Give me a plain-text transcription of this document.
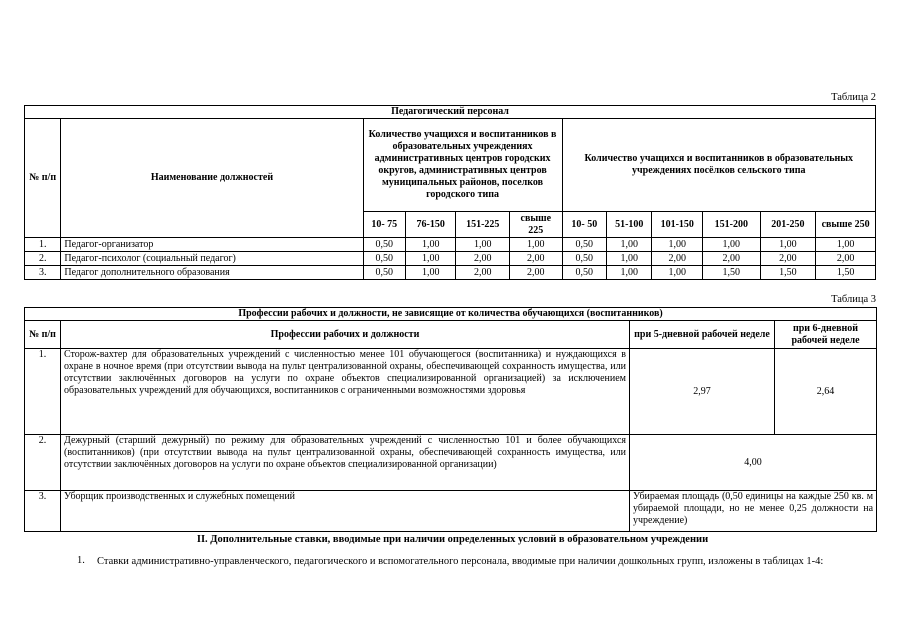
Таблица 2
Педагогический персонал											
№ п/п	Наименование должностей	Количество учащихся и воспитанников в образовательных учреждениях административных центров городских округов, административных центров муниципальных районов, поселков городского типа				Количество учащихся и воспитанников в образовательных учреждениях посёлков сельского типа					
		10- 75	76-150	151-225	свыше 225	10- 50	51-100	101-150	151-200	201-250	свыше 250
1.	Педагог-организатор	0,50	1,00	1,00	1,00	0,50	1,00	1,00	1,00	1,00	1,00
2.	Педагог-психолог (социальный педагог)	0,50	1,00	2,00	2,00	0,50	1,00	2,00	2,00	2,00	2,00
3.	Педагог дополнительного образования	0,50	1,00	2,00	2,00	0,50	1,00	1,00	1,50	1,50	1,50
Таблица 3
Профессии рабочих и должности, не зависящие от количества обучающихся (воспитанников)			
№ п/п	Профессии рабочих и должности	при 5-дневной рабочей неделе	при 6-дневной рабочей неделе
1.	Сторож-вахтер для образовательных учреждений с численностью менее 101 обучающегося (воспитанника) и нуждающихся в охране в ночное время (при отсутствии вывода на пульт централизованной охраны, обеспечивающей сохранность имущества, или отсутствии заключённых договоров на услуги по охране объектов специализированной организацией) за исключением образовательных учреждений для обучающихся, воспитанников с ограниченными возможностями здоровья	2,97	2,64
2.	Дежурный (старший дежурный) по режиму для образовательных учреждений с численностью 101 и более обучающихся (воспитанников) (при отсутствии вывода на пульт централизованной охраны, обеспечивающей сохранность имущества, или отсутствии заключённых договоров на услуги по охране объектов специализированной организации)	4,00	
3.	Уборщик производственных и служебных помещений	Убираемая площадь (0,50 единицы на каждые 250 кв. м убираемой площади, но не менее 0,25 должности на учреждение)	
II. Дополнительные ставки, вводимые при наличии определенных условий в образовательном учреждении
1. Ставки административно-управленческого, педагогического и вспомогательного персонала, вводимые при наличии дошкольных групп, изложены в таблицах 1-4:
